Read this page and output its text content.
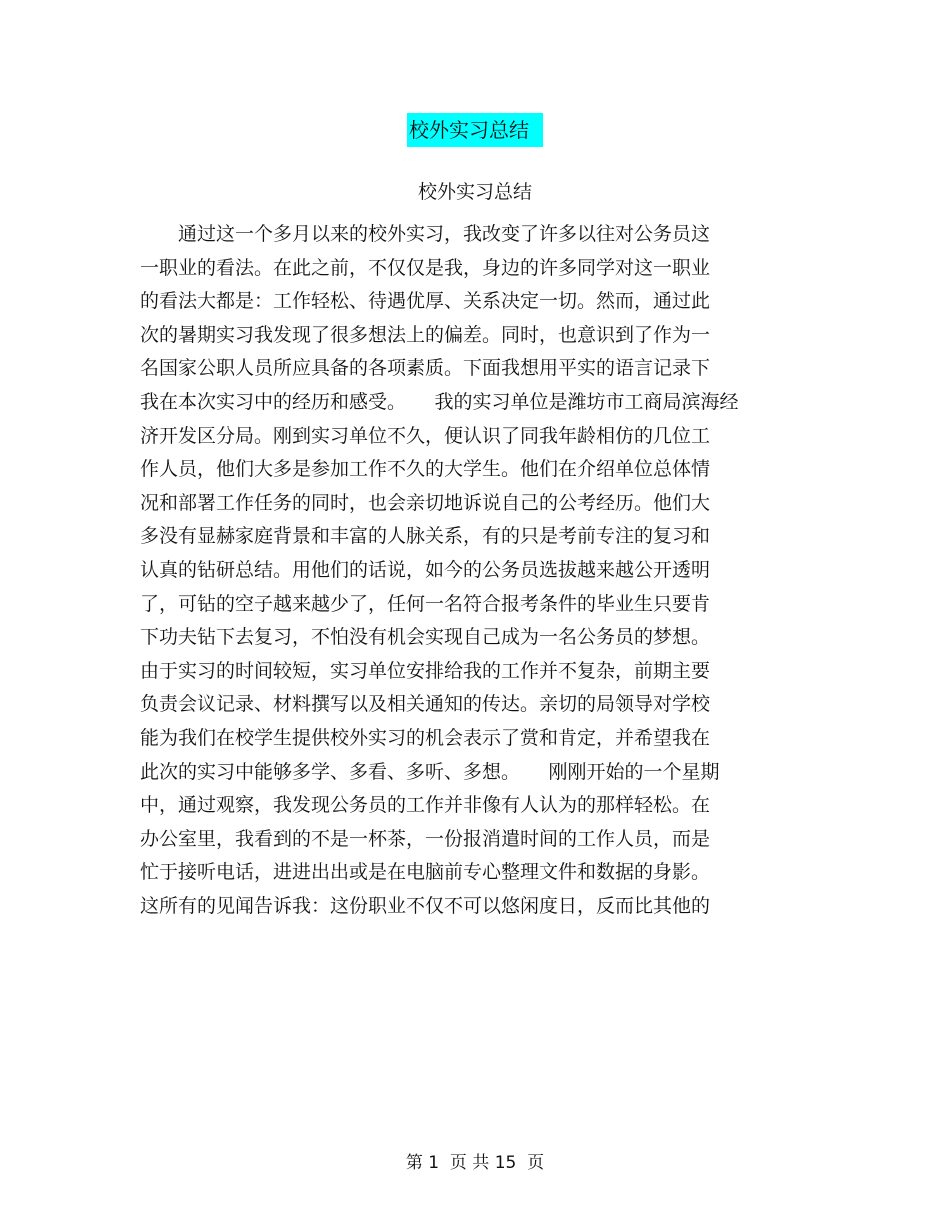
校外实习总结
校外实习总结
　　通过这一个多月以来的校外实习，我改变了许多以往对公务员这
一职业的看法。在此之前，不仅仅是我，身边的许多同学对这一职业
的看法大都是：工作轻松、待遇优厚、关系决定一切。然而，通过此
次的暑期实习我发现了很多想法上的偏差。同时，也意识到了作为一
名国家公职人员所应具备的各项素质。下面我想用平实的语言记录下
我在本次实习中的经历和感受。　　我的实习单位是潍坊市工商局滨海经
济开发区分局。刚到实习单位不久，便认识了同我年龄相仿的几位工
作人员，他们大多是参加工作不久的大学生。他们在介绍单位总体情
况和部署工作任务的同时，也会亲切地诉说自己的公考经历。他们大
多没有显赫家庭背景和丰富的人脉关系，有的只是考前专注的复习和
认真的钻研总结。用他们的话说，如今的公务员选拔越来越公开透明
了，可钻的空子越来越少了，任何一名符合报考条件的毕业生只要肯
下功夫钻下去复习，不怕没有机会实现自己成为一名公务员的梦想。
由于实习的时间较短，实习单位安排给我的工作并不复杂，前期主要
负责会议记录、材料撰写以及相关通知的传达。亲切的局领导对学校
能为我们在校学生提供校外实习的机会表示了赏和肯定，并希望我在
此次的实习中能够多学、多看、多听、多想。　　刚刚开始的一个星期
中，通过观察，我发现公务员的工作并非像有人认为的那样轻松。在
办公室里，我看到的不是一杯茶，一份报消遣时间的工作人员，而是
忙于接听电话，进进出出或是在电脑前专心整理文件和数据的身影。
这所有的见闻告诉我：这份职业不仅不可以悠闲度日，反而比其他的
第 1  页 共 15  页
